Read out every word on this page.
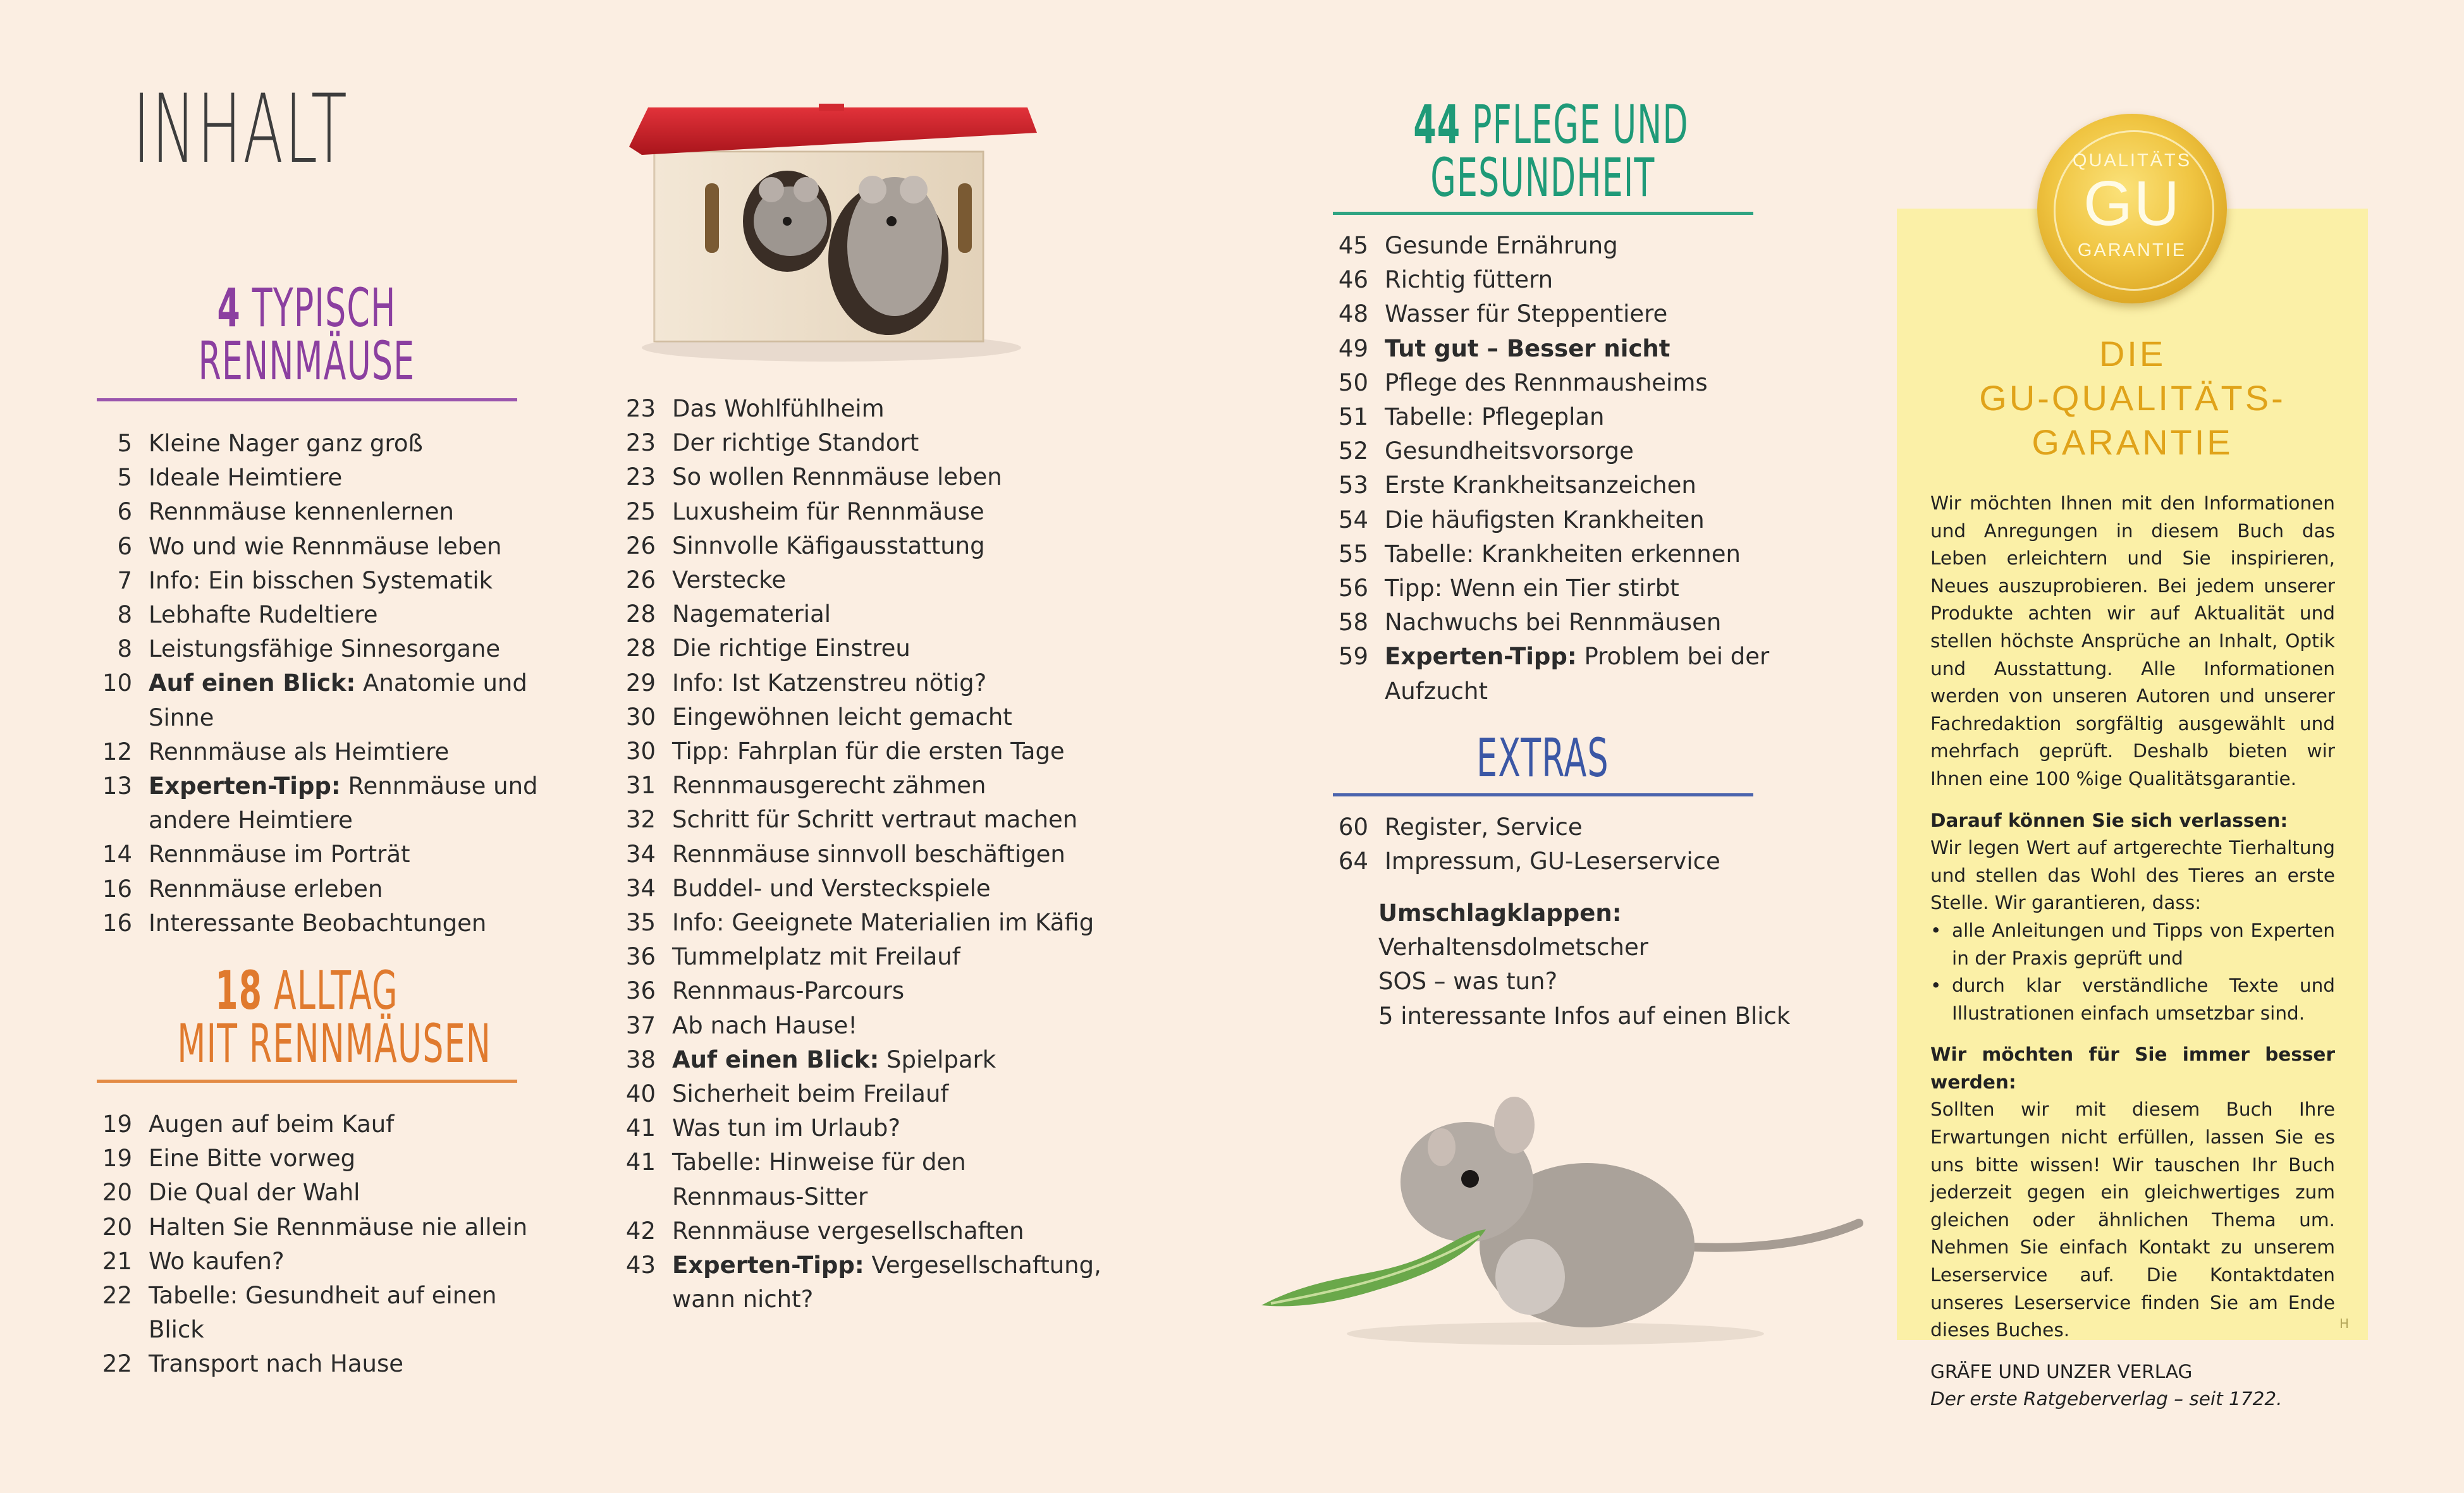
INHALT
4 TYPISCH
RENNMÄUSE
5 Kleine Nager ganz groß
5 Ideale Heimtiere
6 Rennmäuse kennenlernen
6 Wo und wie Rennmäuse leben
7 Info: Ein bisschen Systematik
8 Lebhafte Rudeltiere
8 Leistungsfähige Sinnesorgane
10 Auf einen Blick: Anatomie und Sinne
12 Rennmäuse als Heimtiere
13 Experten-Tipp: Rennmäuse und
andere Heimtiere
14 Rennmäuse im Porträt
16 Rennmäuse erleben
16 Interessante Beobachtungen
18 ALLTAG
MIT RENNMÄUSEN
19 Augen auf beim Kauf
19 Eine Bitte vorweg
20 Die Qual der Wahl
20 Halten Sie Rennmäuse nie allein
21 Wo kaufen?
22 Tabelle: Gesundheit auf einen Blick
22 Transport nach Hause
23 Das Wohlfühlheim
23 Der richtige Standort
23 So wollen Rennmäuse leben
25 Luxusheim für Rennmäuse
26 Sinnvolle Käfigausstattung
26 Verstecke
28 Nagematerial
28 Die richtige Einstreu
29 Info: Ist Katzenstreu nötig?
30 Eingewöhnen leicht gemacht
30 Tipp: Fahrplan für die ersten Tage
31 Rennmausgerecht zähmen
32 Schritt für Schritt vertraut machen
34 Rennmäuse sinnvoll beschäftigen
34 Buddel- und Versteckspiele
35 Info: Geeignete Materialien im Käfig
36 Tummelplatz mit Freilauf
36 Rennmaus-Parcours
37 Ab nach Hause!
38 Auf einen Blick: Spielpark
40 Sicherheit beim Freilauf
41 Was tun im Urlaub?
41 Tabelle: Hinweise für den
Rennmaus-Sitter
42 Rennmäuse vergesellschaften
43 Experten-Tipp: Vergesellschaftung,
wann nicht?
44 PFLEGE UND
GESUNDHEIT
45 Gesunde Ernährung
46 Richtig füttern
48 Wasser für Steppentiere
49 Tut gut – Besser nicht
50 Pflege des Rennmausheims
51 Tabelle: Pflegeplan
52 Gesundheitsvorsorge
53 Erste Krankheitsanzeichen
54 Die häufigsten Krankheiten
55 Tabelle: Krankheiten erkennen
56 Tipp: Wenn ein Tier stirbt
58 Nachwuchs bei Rennmäusen
59 Experten-Tipp: Problem bei der Aufzucht
EXTRAS
60 Register, Service
64 Impressum, GU-Leserservice
Umschlagklappen:
Verhaltensdolmetscher
SOS – was tun?
5 interessante Infos auf einen Blick
QUALITÄTS
GU
GARANTIE
DIE
GU-QUALITÄTS-
GARANTIE

Wir möchten Ihnen mit den Informationen und Anregungen in diesem Buch das Leben erleichtern und Sie inspirieren, Neues auszuprobieren. Bei jedem unserer Produkte achten wir auf Aktualität und stellen höchste Ansprüche an Inhalt, Optik und Ausstattung. Alle Informationen werden von unseren Autoren und unserer Fachredaktion sorgfältig ausgewählt und mehrfach geprüft. Deshalb bieten wir Ihnen eine 100 %ige Qualitätsgarantie.

Darauf können Sie sich verlassen:
Wir legen Wert auf artgerechte Tierhaltung und stellen das Wohl des Tieres an erste Stelle. Wir garantieren, dass:

• alle Anleitungen und Tipps von Experten in der Praxis geprüft und
• durch klar verständliche Texte und Illustrationen einfach umsetzbar sind.

Wir möchten für Sie immer besser werden:
Sollten wir mit diesem Buch Ihre Erwartungen nicht erfüllen, lassen Sie es uns bitte wissen! Wir tauschen Ihr Buch jederzeit gegen ein gleichwertiges zum gleichen oder ähnlichen Thema um. Nehmen Sie einfach Kontakt zu unserem Leserservice auf. Die Kontaktdaten unseres Leserservice finden Sie am Ende dieses Buches.

GRÄFE UND UNZER VERLAG
Der erste Ratgeberverlag – seit 1722.
H
